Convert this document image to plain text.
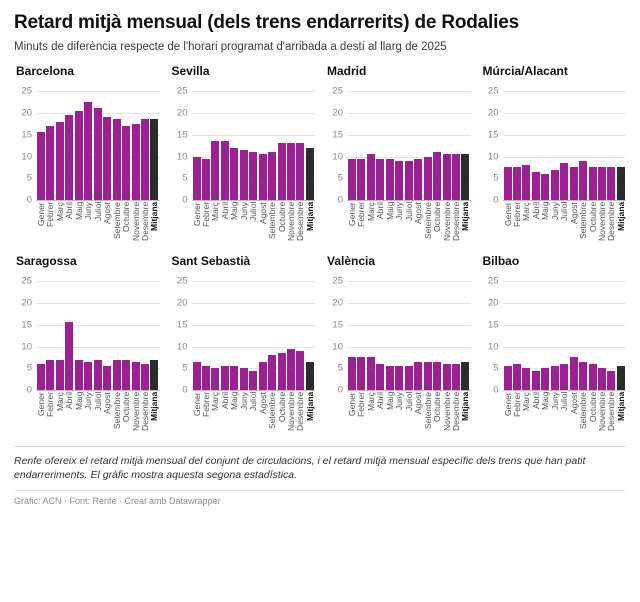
Retard mitjà mensual (dels trens endarrerits) de Rodalies

Minuts de diferència respecte de l'horari programat d'arribada a destí al llarg de 2025

Barcelona
0
5
10
15
20
25
Gener Febrer Març Abril Maig Juny Juliol Agost Setembre Octubre Novembre Desembre Mitjana
Sevilla
0
5
10
15
20
25
Gener Febrer Març Abril Maig Juny Juliol Agost Setembre Octubre Novembre Desembre Mitjana
Madrid
0
5
10
15
20
25
Gener Febrer Març Abril Maig Juny Juliol Agost Setembre Octubre Novembre Desembre Mitjana
Múrcia/Alacant
0
5
10
15
20
25
Gener Febrer Març Abril Maig Juny Juliol Agost Setembre Octubre Novembre Desembre Mitjana
Saragossa
0
5
10
15
20
25
Gener Febrer Març Abril Maig Juny Juliol Agost Setembre Octubre Novembre Desembre Mitjana
Sant Sebastià
0
5
10
15
20
25
Gener Febrer Març Abril Maig Juny Juliol Agost Setembre Octubre Novembre Desembre Mitjana
València
0
5
10
15
20
25
Gener Febrer Març Abril Maig Juny Juliol Agost Setembre Octubre Novembre Desembre Mitjana
Bilbao
0
5
10
15
20
25
Gener Febrer Març Abril Maig Juny Juliol Agost Setembre Octubre Novembre Desembre Mitjana
Renfe ofereix el retard mitjà mensual del conjunt de circulacions, i el retard mitjà mensual específic dels trens que han patit endarreriments. El gràfic mostra aquesta segona estadística.
Gràfic: ACN · Font: Renfe · Creat amb Datawrapper
